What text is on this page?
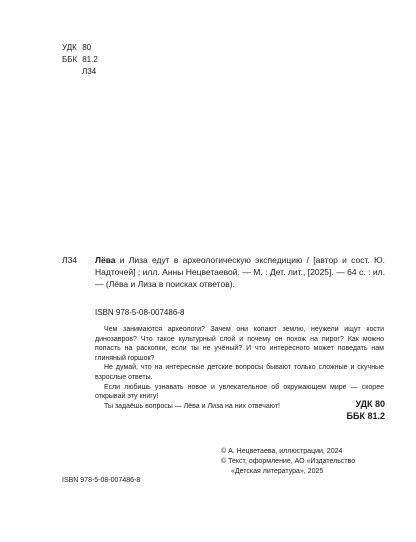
УДК 80
ББК 81.2
Л34
Л34 Лёва и Лиза едут в археологическую экспедицию / [автор и сост. Ю. Надточей] ; илл. Анны Нецветаевой. — М. : Дет. лит., [2025]. — 64 с. : ил. — (Лёва и Лиза в поисках ответов).
ISBN 978-5-08-007486-8

Чем занимаются археологи? Зачем они копают землю, неужели ищут кости динозавров? Что такое культурный слой и почему он похож на пирог? Как можно попасть на раскопки, если ты не учёный? И что интересного может поведать нам глиняный горшок?

Не думай, что на интересные детские вопросы бывают только сложные и скучные взрослые ответы.

Если любишь узнавать новое и увлекательное об окружающем мире — скорее открывай эту книгу!

Ты задаёшь вопросы — Лёва и Лиза на них отвечают!	УДК 80
ББК 81.2
© А. Нецветаева, иллюстрации, 2024
© Текст, оформление, АО «Издательство
«Детская литература», 2025
ISBN 978-5-08-007486-8
